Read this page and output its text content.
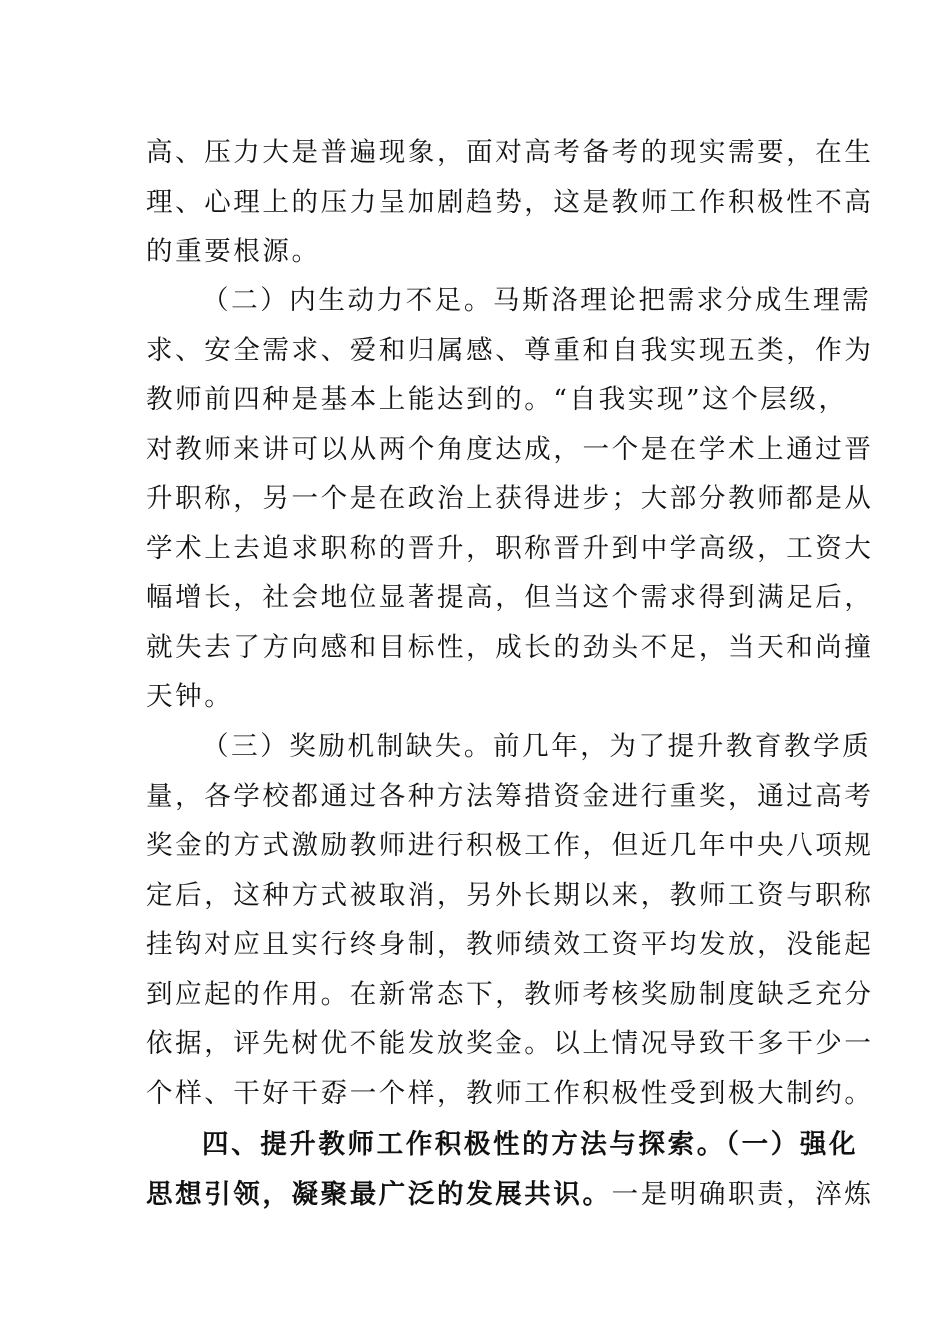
高、压力大是普遍现象，面对高考备考的现实需要，在生
理、心理上的压力呈加剧趋势，这是教师工作积极性不高
的重要根源。
（二）内生动力不足。马斯洛理论把需求分成生理需
求、安全需求、爱和归属感、尊重和自我实现五类，作为
教师前四种是基本上能达到的。“自我实现”这个层级，
对教师来讲可以从两个角度达成，一个是在学术上通过晋
升职称，另一个是在政治上获得进步；大部分教师都是从
学术上去追求职称的晋升，职称晋升到中学高级，工资大
幅增长，社会地位显著提高，但当这个需求得到满足后，
就失去了方向感和目标性，成长的劲头不足，当天和尚撞
天钟。
（三）奖励机制缺失。前几年，为了提升教育教学质
量，各学校都通过各种方法筹措资金进行重奖，通过高考
奖金的方式激励教师进行积极工作，但近几年中央八项规
定后，这种方式被取消，另外长期以来，教师工资与职称
挂钩对应且实行终身制，教师绩效工资平均发放，没能起
到应起的作用。在新常态下，教师考核奖励制度缺乏充分
依据，评先树优不能发放奖金。以上情况导致干多干少一
个样、干好干孬一个样，教师工作积极性受到极大制约。
四、提升教师工作积极性的方法与探索。（一）强化
思想引领，凝聚最广泛的发展共识。一是明确职责，淬炼
